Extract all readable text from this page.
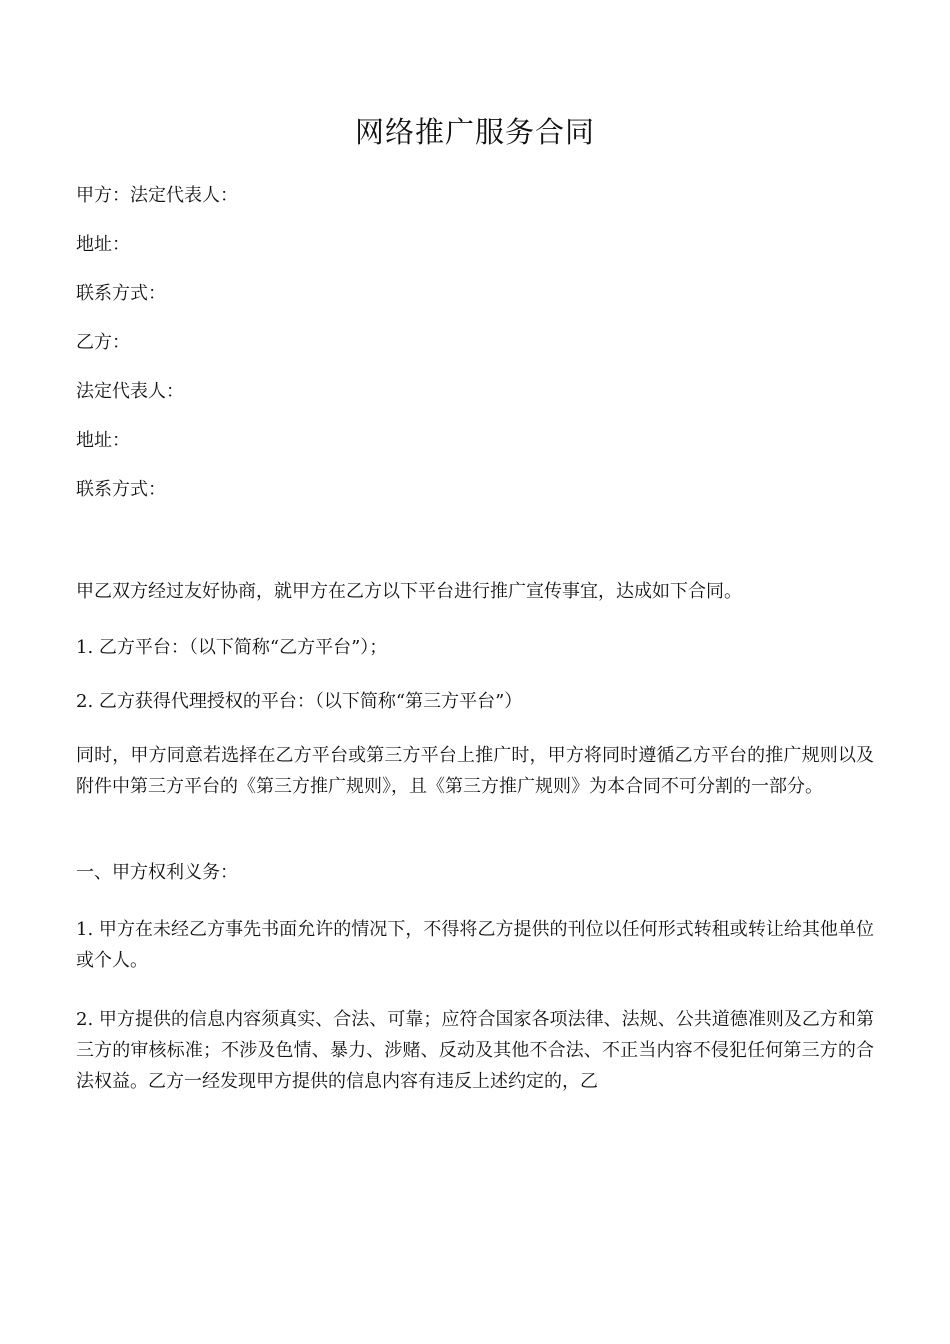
网络推广服务合同

甲方：法定代表人：

地址：

联系方式：

乙方：

法定代表人：

地址：

联系方式：

甲乙双方经过友好协商，就甲方在乙方以下平台进行推广宣传事宜，达成如下合同。

1. 乙方平台：（以下简称“乙方平台”）；

2. 乙方获得代理授权的平台：（以下简称“第三方平台”）

同时，甲方同意若选择在乙方平台或第三方平台上推广时，甲方将同时遵循乙方平台的推广规则以及附件中第三方平台的《第三方推广规则》，且《第三方推广规则》为本合同不可分割的一部分。

一、甲方权利义务：

1. 甲方在未经乙方事先书面允许的情况下，不得将乙方提供的刊位以任何形式转租或转让给其他单位或个人。

2. 甲方提供的信息内容须真实、合法、可靠；应符合国家各项法律、法规、公共道德准则及乙方和第三方的审核标准；不涉及色情、暴力、涉赌、反动及其他不合法、不正当内容不侵犯任何第三方的合法权益。乙方一经发现甲方提供的信息内容有违反上述约定的，乙
